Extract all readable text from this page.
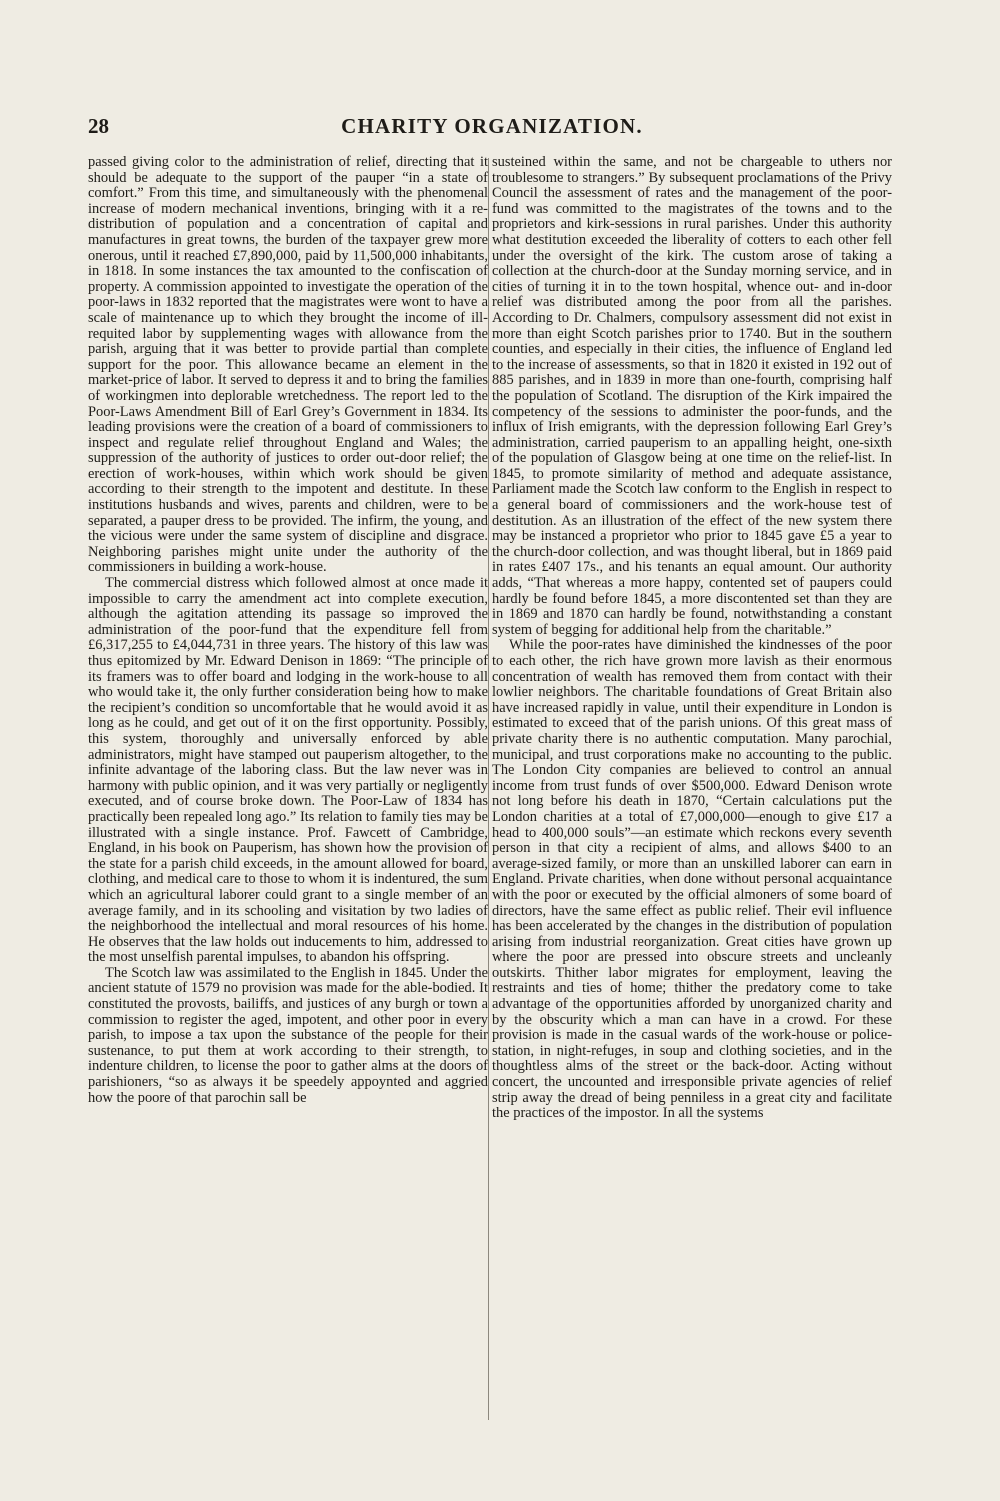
28	CHARITY ORGANIZATION.

passed giving color to the administration of relief, directing that it should be adequate to the support of the pauper “in a state of comfort.” From this time, and simultaneously with the phenomenal increase of modern mechanical inventions, bringing with it a re-distribution of population and a concentration of capital and manufactures in great towns, the burden of the taxpayer grew more onerous, until it reached £7,890,000, paid by 11,500,000 inhabitants, in 1818. In some instances the tax amounted to the confiscation of property. A commission appointed to investigate the operation of the poor-laws in 1832 reported that the magistrates were wont to have a scale of maintenance up to which they brought the income of ill-requited labor by supplementing wages with allowance from the parish, arguing that it was better to provide partial than complete support for the poor. This allowance became an element in the market-price of labor. It served to depress it and to bring the families of workingmen into deplorable wretchedness. The report led to the Poor-Laws Amendment Bill of Earl Grey’s Government in 1834. Its leading provisions were the creation of a board of commissioners to inspect and regulate relief throughout England and Wales; the suppression of the authority of justices to order out-door relief; the erection of work-houses, within which work should be given according to their strength to the impotent and destitute. In these institutions husbands and wives, parents and children, were to be separated, a pauper dress to be provided. The infirm, the young, and the vicious were under the same system of discipline and disgrace. Neighboring parishes might unite under the authority of the commissioners in building a work-house.

The commercial distress which followed almost at once made it impossible to carry the amendment act into complete execution, although the agitation attending its passage so improved the administration of the poor-fund that the expenditure fell from £6,317,255 to £4,044,731 in three years. The history of this law was thus epitomized by Mr. Edward Denison in 1869: “The principle of its framers was to offer board and lodging in the work-house to all who would take it, the only further consideration being how to make the recipient’s condition so uncomfortable that he would avoid it as long as he could, and get out of it on the first opportunity. Possibly, this system, thoroughly and universally enforced by able administrators, might have stamped out pauperism altogether, to the infinite advantage of the laboring class. But the law never was in harmony with public opinion, and it was very partially or negligently executed, and of course broke down. The Poor-Law of 1834 has practically been repealed long ago.” Its relation to family ties may be illustrated with a single instance. Prof. Fawcett of Cambridge, England, in his book on Pauperism, has shown how the provision of the state for a parish child exceeds, in the amount allowed for board, clothing, and medical care to those to whom it is indentured, the sum which an agricultural laborer could grant to a single member of an average family, and in its schooling and visitation by two ladies of the neighborhood the intellectual and moral resources of his home. He observes that the law holds out inducements to him, addressed to the most unselfish parental impulses, to abandon his offspring.

The Scotch law was assimilated to the English in 1845. Under the ancient statute of 1579 no provision was made for the able-bodied. It constituted the provosts, bailiffs, and justices of any burgh or town a commission to register the aged, impotent, and other poor in every parish, to impose a tax upon the substance of the people for their sustenance, to put them at work according to their strength, to indenture children, to license the poor to gather alms at the doors of parishioners, “so as always it be speedely appoynted and aggried how the poore of that parochin sall be

susteined within the same, and not be chargeable to uthers nor troublesome to strangers.” By subsequent proclamations of the Privy Council the assessment of rates and the management of the poor-fund was committed to the magistrates of the towns and to the proprietors and kirk-sessions in rural parishes. Under this authority what destitution exceeded the liberality of cotters to each other fell under the oversight of the kirk. The custom arose of taking a collection at the church-door at the Sunday morning service, and in cities of turning it in to the town hospital, whence out- and in-door relief was distributed among the poor from all the parishes. According to Dr. Chalmers, compulsory assessment did not exist in more than eight Scotch parishes prior to 1740. But in the southern counties, and especially in their cities, the influence of England led to the increase of assessments, so that in 1820 it existed in 192 out of 885 parishes, and in 1839 in more than one-fourth, comprising half the population of Scotland. The disruption of the Kirk impaired the competency of the sessions to administer the poor-funds, and the influx of Irish emigrants, with the depression following Earl Grey’s administration, carried pauperism to an appalling height, one-sixth of the population of Glasgow being at one time on the relief-list. In 1845, to promote similarity of method and adequate assistance, Parliament made the Scotch law conform to the English in respect to a general board of commissioners and the work-house test of destitution. As an illustration of the effect of the new system there may be instanced a proprietor who prior to 1845 gave £5 a year to the church-door collection, and was thought liberal, but in 1869 paid in rates £407 17s., and his tenants an equal amount. Our authority adds, “That whereas a more happy, contented set of paupers could hardly be found before 1845, a more discontented set than they are in 1869 and 1870 can hardly be found, notwithstanding a constant system of begging for additional help from the charitable.”

While the poor-rates have diminished the kindnesses of the poor to each other, the rich have grown more lavish as their enormous concentration of wealth has removed them from contact with their lowlier neighbors. The charitable foundations of Great Britain also have increased rapidly in value, until their expenditure in London is estimated to exceed that of the parish unions. Of this great mass of private charity there is no authentic computation. Many parochial, municipal, and trust corporations make no accounting to the public. The London City companies are believed to control an annual income from trust funds of over $500,000. Edward Denison wrote not long before his death in 1870, “Certain calculations put the London charities at a total of £7,000,000—enough to give £17 a head to 400,000 souls”—an estimate which reckons every seventh person in that city a recipient of alms, and allows $400 to an average-sized family, or more than an unskilled laborer can earn in England. Private charities, when done without personal acquaintance with the poor or executed by the official almoners of some board of directors, have the same effect as public relief. Their evil influence has been accelerated by the changes in the distribution of population arising from industrial reorganization. Great cities have grown up where the poor are pressed into obscure streets and uncleanly outskirts. Thither labor migrates for employment, leaving the restraints and ties of home; thither the predatory come to take advantage of the opportunities afforded by unorganized charity and by the obscurity which a man can have in a crowd. For these provision is made in the casual wards of the work-house or police-station, in night-refuges, in soup and clothing societies, and in the thoughtless alms of the street or the back-door. Acting without concert, the uncounted and irresponsible private agencies of relief strip away the dread of being penniless in a great city and facilitate the practices of the impostor. In all the systems
